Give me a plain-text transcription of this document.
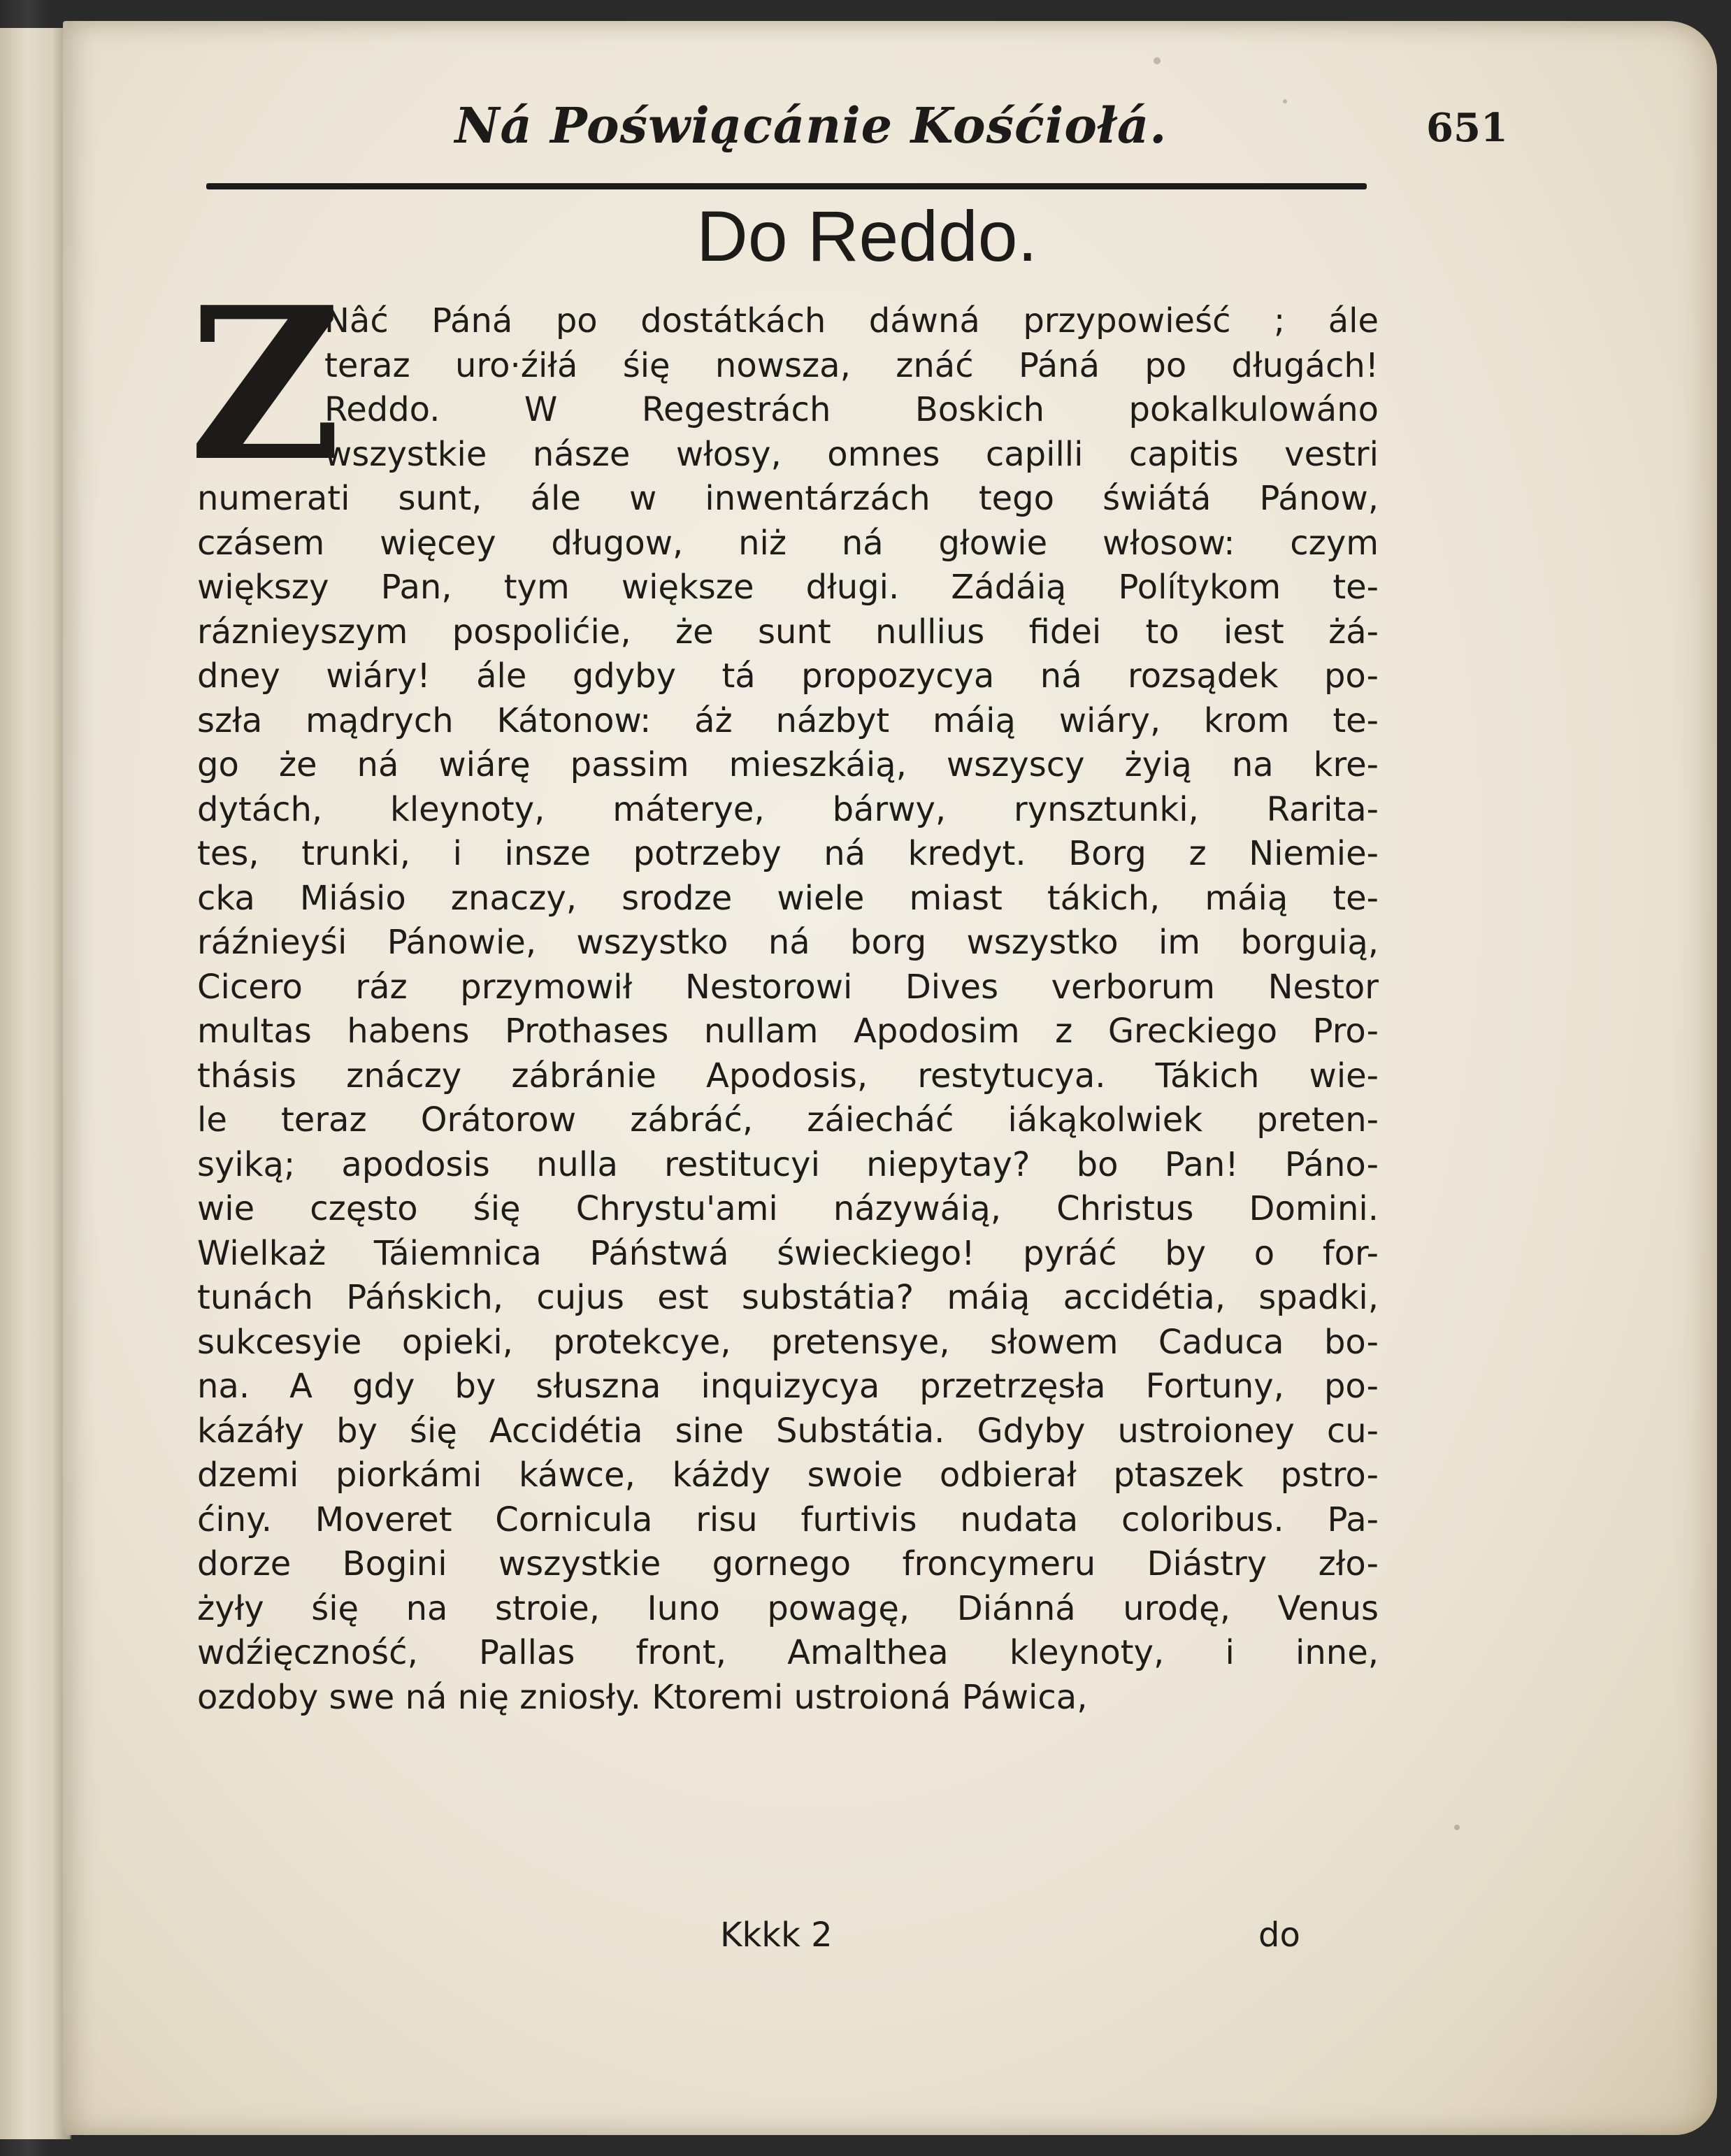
Ná Poświącánie Kośćiołá.	651
Do Reddo.
Z
Nâć Páná po dostátkách dáwná przypowieść ; ále
teraz uro·źiłá śię nowsza, znáć Páná po długách!
Reddo. W Regestrách Boskich pokalkulowáno
wszystkie násze włosy, omnes capilli capitis vestri
numerati sunt, ále w inwentárzách tego świátá Pánow,
czásem więcey długow, niż ná głowie włosow: czym
większy Pan, tym większe długi. Zádáią Polítykom te-
ráznieyszym pospolićie, że sunt nullius fidei to iest żá-
dney wiáry! ále gdyby tá propozycya ná rozsądek po-
szła mądrych Kátonow: áż názbyt máią wiáry, krom te-
go że ná wiárę passim mieszkáią, wszyscy żyią na kre-
dytách, kleynoty, máterye, bárwy, rynsztunki, Rarita-
tes, trunki, i insze potrzeby ná kredyt. Borg z Niemie-
cka Miásio znaczy, srodze wiele miast tákich, máią te-
ráźnieyśi Pánowie, wszystko ná borg wszystko im borguią,
Cicero ráz przymowił Nestorowi Dives verborum Nestor
multas habens Prothases nullam Apodosim z Greckiego Pro-
thásis znáczy zábránie Apodosis, restytucya. Tákich wie-
le teraz Orátorow zábráć, záiecháć iákąkolwiek preten-
syiką; apodosis nulla restitucyi niepytay? bo Pan! Páno-
wie często śię Chrystu'ami názywáią, Christus Domini.
Wielkaż Táiemnica Páństwá świeckiego! pyráć by o for-
tunách Páńskich, cujus est substátia? máią accidétia, spadki,
sukcesyie opieki, protekcye, pretensye, słowem Caduca bo-
na. A gdy by słuszna inquizycya przetrzęsła Fortuny, po-
kázáły by śię Accidétia sine Substátia. Gdyby ustroioney cu-
dzemi piorkámi káwce, káżdy swoie odbierał ptaszek pstro-
ćiny. Moveret Cornicula risu furtivis nudata coloribus. Pa-
dorze Bogini wszystkie gornego froncymeru Diástry zło-
żyły śię na stroie, Iuno powagę, Diánná urodę, Venus
wdźięczność, Pallas front, Amalthea kleynoty, i inne,
ozdoby swe ná nię zniosły. Ktoremi ustroioná Páwica,
Kkkk 2	do
